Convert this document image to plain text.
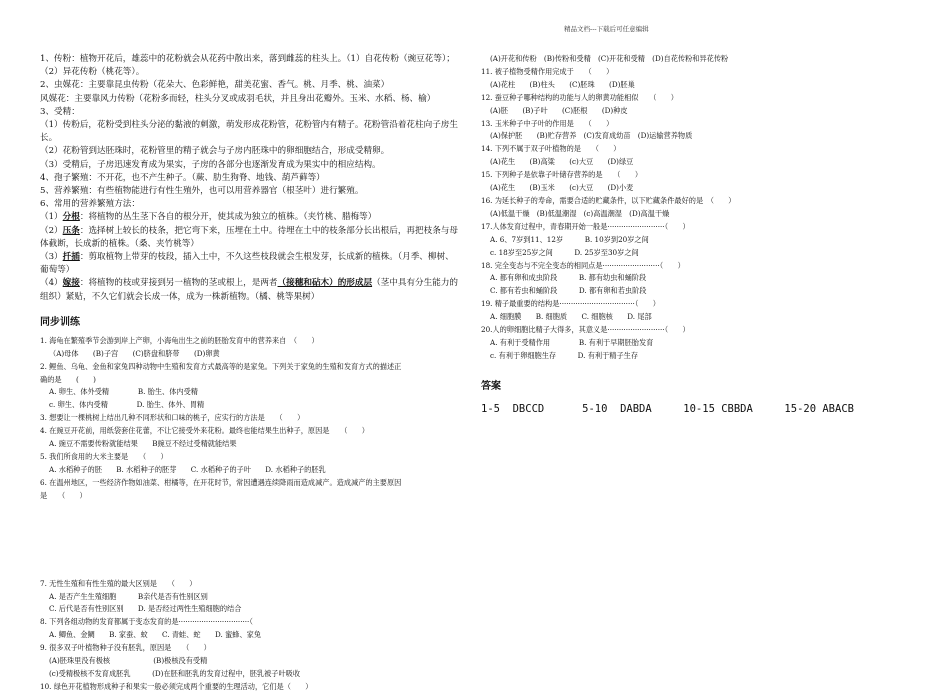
精品文档---下载后可任意编辑

1、传粉：植物开花后，雄蕊中的花粉就会从花药中散出来，落到雌蕊的柱头上。（1）自花传粉（豌豆花等）；（2）异花传粉（桃花等）。

2、虫媒花：主要靠昆虫传粉（花朵大、色彩鲜艳，甜美花蜜、香气。桃、月季、桃、油菜）

风媒花：主要靠风力传粉（花粉多而轻，柱头分叉或成羽毛状，并且身出花瓣外。玉米、水稻、杨、榆）

3、受精：

（1）传粉后，花粉受到柱头分泌的黏液的刺激，萌发形成花粉管，花粉管内有精子。花粉管沿着花柱向子房生长。

（2）花粉管到达胚珠时，花粉管里的精子就会与子房内胚珠中的卵细胞结合，形成受精卵。

（3）受精后，子房迅速发育成为果实，子房的各部分也逐渐发育成为果实中的相应结构。

4、孢子繁殖：不开花，也不产生种子。（蕨、肋生狗脊、地钱、葫芦藓等）

5、营养繁殖：有些植物能进行有性生殖外，也可以用营养器官（根茎叶）进行繁殖。

6、常用的营养繁殖方法：

（1）分根：将植物的丛生茎下各自的根分开，使其成为独立的植株。（夹竹桃、腊梅等）

（2）压条：选择树上较长的枝条，把它弯下来，压埋在土中。待埋在土中的枝条部分长出根后，再把枝条与母体截断，长成新的植株。（桑、夹竹桃等）

（3）扦插：剪取植物上带芽的枝段，插入土中，不久这些枝段就会生根发芽，长成新的植株。（月季、柳树、葡萄等）

（4）嫁接：将植物的枝或芽接到另一植物的茎或根上，是两者（接穗和砧木）的形成层（茎中具有分生能力的组织）紧贴，不久它们就会长成一体，成为一株新植物。（橘、桃等果树）

同步训练
1. 海龟在繁殖季节会游到岸上产卵，小海龟出生之前的胚胎发育中的营养来自　（　　）
（A)母体　　(B)子宫　　(C)脐盘和脐带　　(D)卵黄
2. 鲤鱼、乌龟、金鱼和家兔四种动物中生殖和发育方式最高等的是家兔。下列关于家兔的生殖和发育方式的描述正
确的是　　(　　)
A. 卵生、体外受精　　　　B. 胎生、体内受精
c. 卵生、体内受精　　　　D. 胎生、体外、胃精
3. 想要让一棵桃树上结出几种不同形状和口味的桃子，应实行的方法是　　（　　）
4. 在豌豆开花前，用纸袋套住花蕾，不让它接受外来花粉。最终也能结果生出种子，原因是　　（　　）
A. 豌豆不需要传粉就能结果　　B豌豆不经过受精就能结果
5. 我们所食用的大米主要是　　（　　）
A. 水稻种子的胚　　B. 水稻种子的胚芽　　C. 水稻种子的子叶　　D. 水稻种子的胚乳
6. 在温州地区，一些经济作物如油菜、柑橘等，在开花时节，常因遭遇连续降雨而造成减产。造成减产的主要原因
是　　（　　）
7. 无性生殖和有性生殖的最大区别是　　（　　）
A. 是否产生生殖细胞　　　B亲代是否有性别区别
C. 后代是否有性别区别　　D. 是否经过两性生殖细胞的结合
8. 下列各组动物的发育都属于变态发育的是·······························（
A. 鲫鱼、金鲷　　B. 家蚕、蚊　　C. 青蛙、蛇　　D. 蜜蜂、家兔
9. 很多双子叶植物种子没有胚乳，原因是　　（　　）
(A)胚珠里没有极核　　　　　　(B)极核没有受精
(c)受精极核不发育成胚乳　　　(D)在胚和胚乳的发育过程中，胚乳被子叶吸收
10. 绿色开花植物形成种子和果实一般必须完成两个重要的生理活动，它们是（　　）
(A)开花和传粉　(B)传粉和受精　(C)开花和受精　(D)自花传粉和异花传粉
11. 被子植物受精作用完成于　　（　　）
(A)花柱　　(B)柱头　　(C)胚珠　　(D)胚巢
12. 蚕豆种子哪种结构的功能与人的卵黄功能相似　　（　　）
(A)胚　　(B)子叶　　(C)胚根　　(D)种皮
13. 玉米种子中子叶的作用是　　（　　）
(A)保护胚　　(B)贮存营养　(C)发育成幼苗　(D)运输营养物质
14. 下列不属于双子叶植物的是　　（　　）
(A)花生　　(B)高粱　　(c)大豆　　(D)绿豆
15. 下列种子是依靠子叶储存营养的是　　（　　）
(A)花生　　(B)玉米　　(c)大豆　　(D)小麦
16. 为延长种子的寿命，需要合适的贮藏条件，以下贮藏条件最好的是　（　　）
(A)低温干燥　(B)低温潮湿　(c)高温潮湿　(D)高温干燥
17.人体发育过程中，青春期开始一般是·························（　　）
A. 6、7岁到11、12岁　　　B. 10岁到20岁之间
c. 18岁至25岁之间　　　D. 25岁至30岁之间
18. 完全变态与不完全变态的相同点是·························（　　）
A. 都有卵和成虫阶段　　　B. 都有幼虫和蛹阶段
C. 都有若虫和蛹阶段　　　D. 都有卵和若虫阶段
19. 精子最重要的结构是·································（　　）
A. 细胞膜　　B. 细胞质　　C. 细胞核　　D. 尾部
20.人的卵细胞比精子大得多，其意义是·························（　　）
A. 有利于受精作用　　　　B. 有利于早期胚胎发育
c. 有利于卵细胞生存　　　D. 有利于精子生存
答案
1-5  DBCCD      5-10  DABDA     10-15 CBBDA     15-20 ABACB
